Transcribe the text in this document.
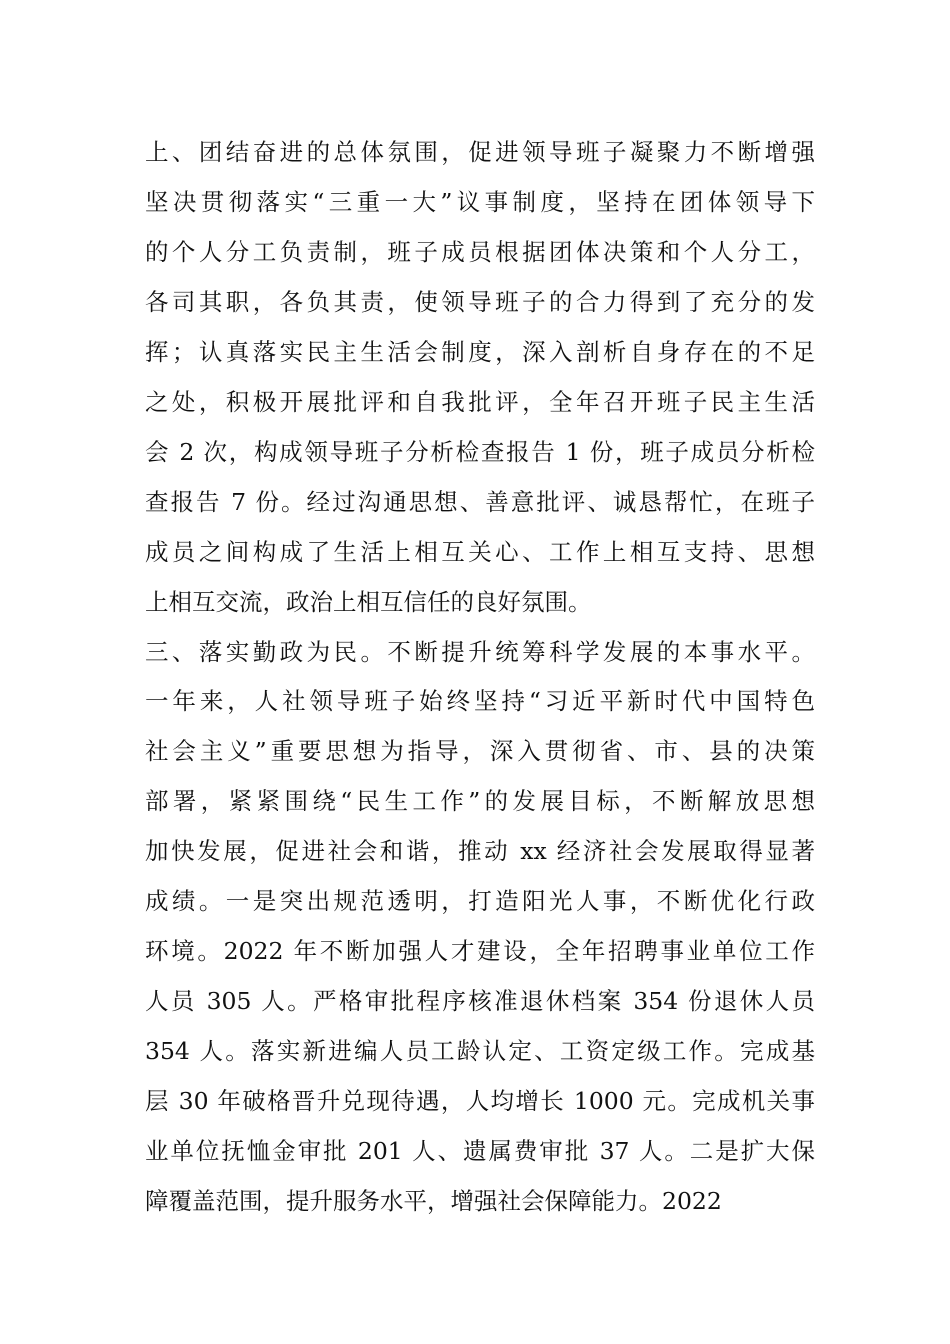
上、团结奋进的总体氛围，促进领导班子凝聚力不断增强
坚决贯彻落实“三重一大”议事制度，坚持在团体领导下
的个人分工负责制，班子成员根据团体决策和个人分工，
各司其职，各负其责，使领导班子的合力得到了充分的发
挥；认真落实民主生活会制度，深入剖析自身存在的不足
之处，积极开展批评和自我批评，全年召开班子民主生活
会 2 次，构成领导班子分析检查报告 1 份，班子成员分析检
查报告 7 份。经过沟通思想、善意批评、诚恳帮忙，在班子
成员之间构成了生活上相互关心、工作上相互支持、思想
上相互交流，政治上相互信任的良好氛围。
三、落实勤政为民。不断提升统筹科学发展的本事水平。
一年来，人社领导班子始终坚持“习近平新时代中国特色
社会主义”重要思想为指导，深入贯彻省、市、县的决策
部署，紧紧围绕“民生工作”的发展目标，不断解放思想
加快发展，促进社会和谐，推动 xx 经济社会发展取得显著
成绩。一是突出规范透明，打造阳光人事，不断优化行政
环境。2022 年不断加强人才建设，全年招聘事业单位工作
人员 305 人。严格审批程序核准退休档案 354 份退休人员
354 人。落实新进编人员工龄认定、工资定级工作。完成基
层 30 年破格晋升兑现待遇，人均增长 1000 元。完成机关事
业单位抚恤金审批 201 人、遗属费审批 37 人。二是扩大保
障覆盖范围，提升服务水平，增强社会保障能力。2022
